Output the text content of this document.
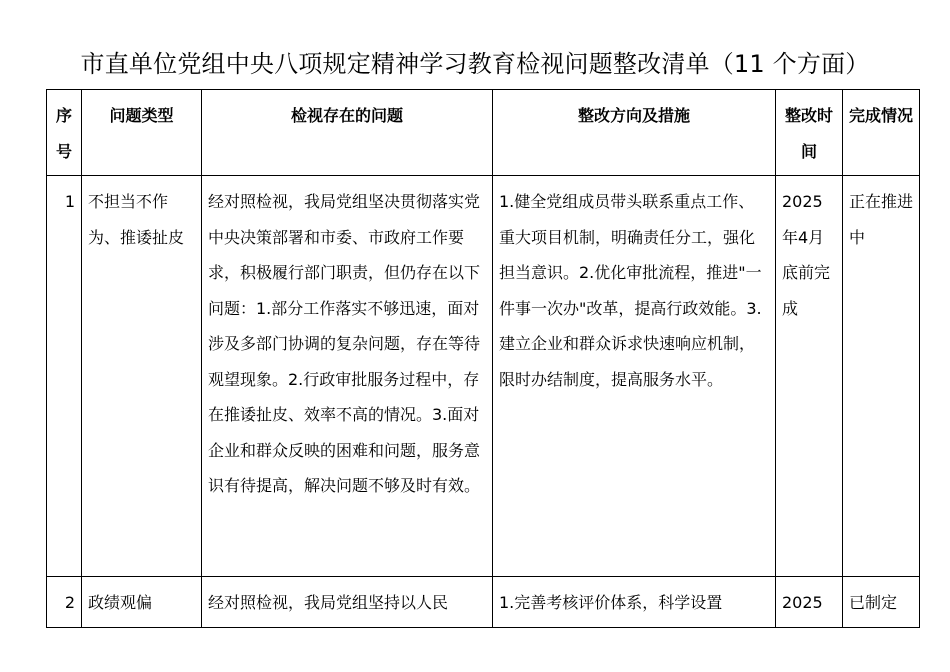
市直单位党组中央八项规定精神学习教育检视问题整改清单（11 个方面）
序号	问题类型	检视存在的问题	整改方向及措施	整改时间	完成情况
1	不担当不作为、推诿扯皮	经对照检视，我局党组坚决贯彻落实党中央决策部署和市委、市政府工作要求，积极履行部门职责，但仍存在以下问题：1.部分工作落实不够迅速，面对涉及多部门协调的复杂问题，存在等待观望现象。2.行政审批服务过程中，存在推诿扯皮、效率不高的情况。3.面对企业和群众反映的困难和问题，服务意识有待提高，解决问题不够及时有效。	1.健全党组成员带头联系重点工作、重大项目机制，明确责任分工，强化担当意识。2.优化审批流程，推进"一件事一次办"改革，提高行政效能。3.建立企业和群众诉求快速响应机制，限时办结制度，提高服务水平。	2025年4月底前完成	正在推进中
2	政绩观偏	经对照检视，我局党组坚持以人民	1.完善考核评价体系，科学设置	2025	已制定
